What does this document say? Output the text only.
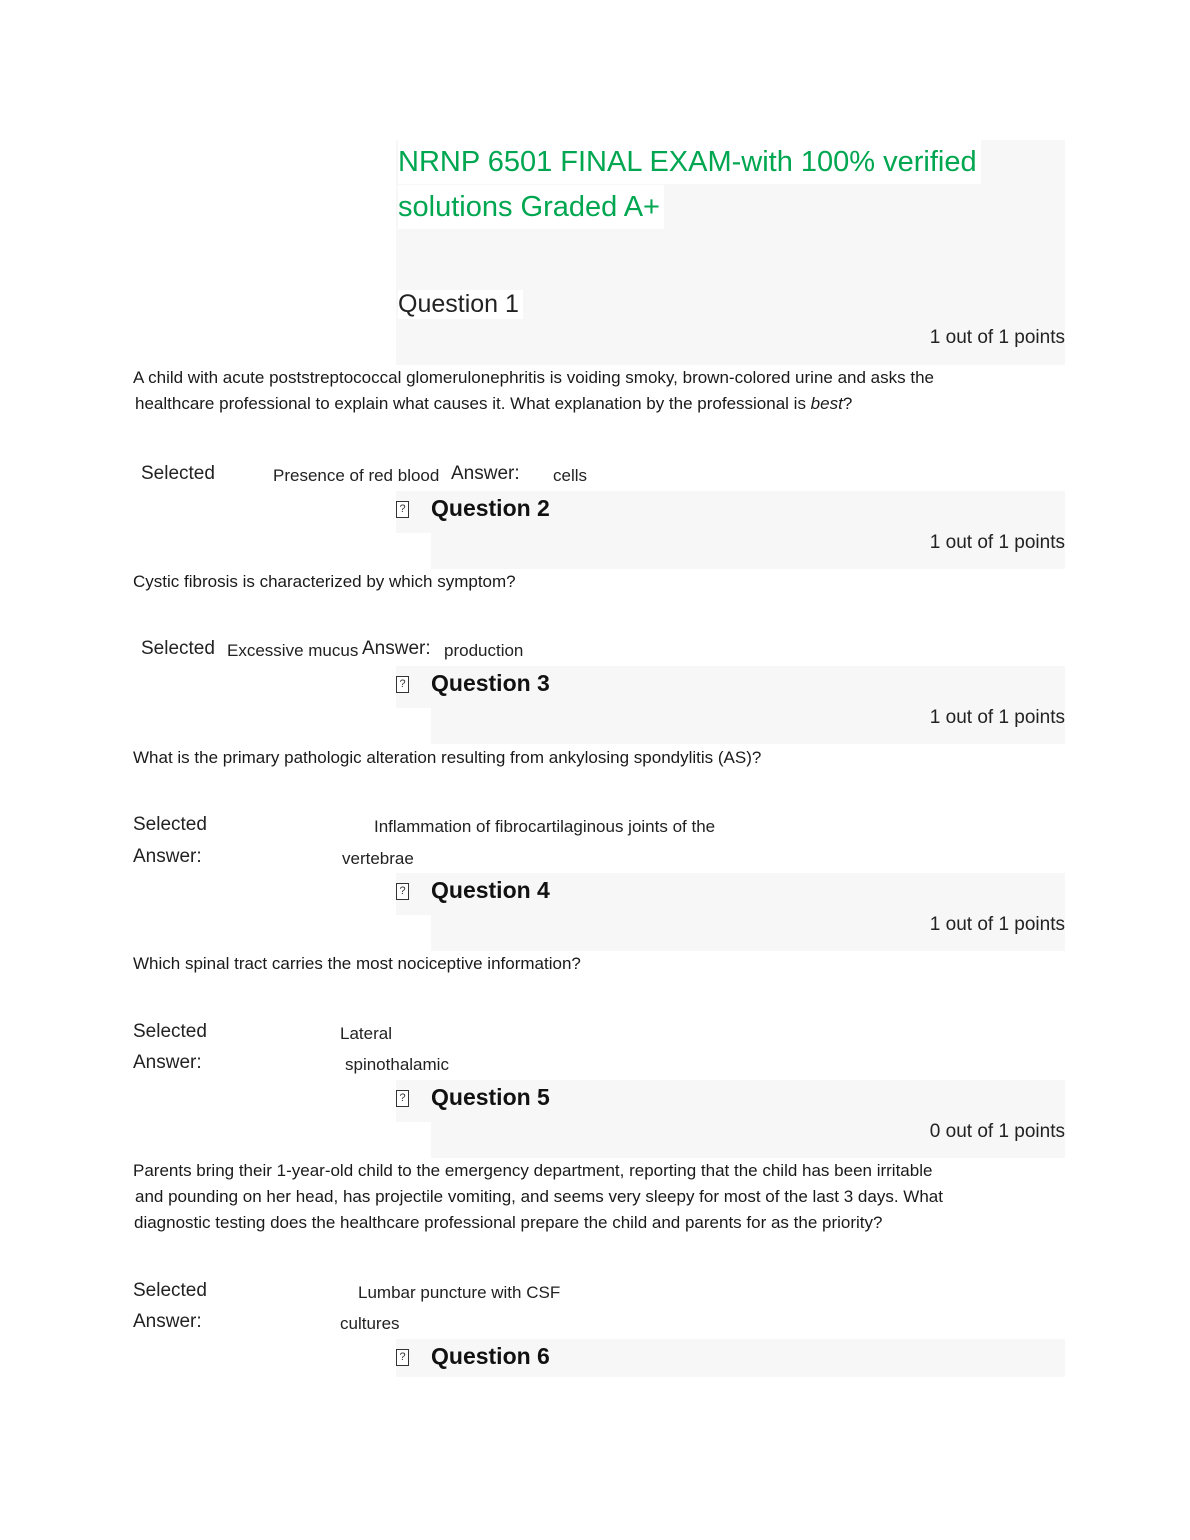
NRNP 6501 FINAL EXAM-with 100% verified
solutions Graded A+
Question 1
1 out of 1 points
A child with acute poststreptococcal glomerulonephritis is voiding smoky, brown-colored urine and asks the
healthcare professional to explain what causes it. What explanation by the professional is best?
Selected	Presence of red blood Answer: cells
? Question 2
1 out of 1 points
Cystic fibrosis is characterized by which symptom?
Selected Excessive mucus Answer: production
? Question 3
1 out of 1 points
What is the primary pathologic alteration resulting from ankylosing spondylitis (AS)?
Selected	Inflammation of fibrocartilaginous joints of the
Answer:	vertebrae
? Question 4
1 out of 1 points
Which spinal tract carries the most nociceptive information?
Selected	Lateral
Answer:	spinothalamic
? Question 5
0 out of 1 points
Parents bring their 1-year-old child to the emergency department, reporting that the child has been irritable
and pounding on her head, has projectile vomiting, and seems very sleepy for most of the last 3 days. What
diagnostic testing does the healthcare professional prepare the child and parents for as the priority?
Selected	Lumbar puncture with CSF
Answer:	cultures
? Question 6
